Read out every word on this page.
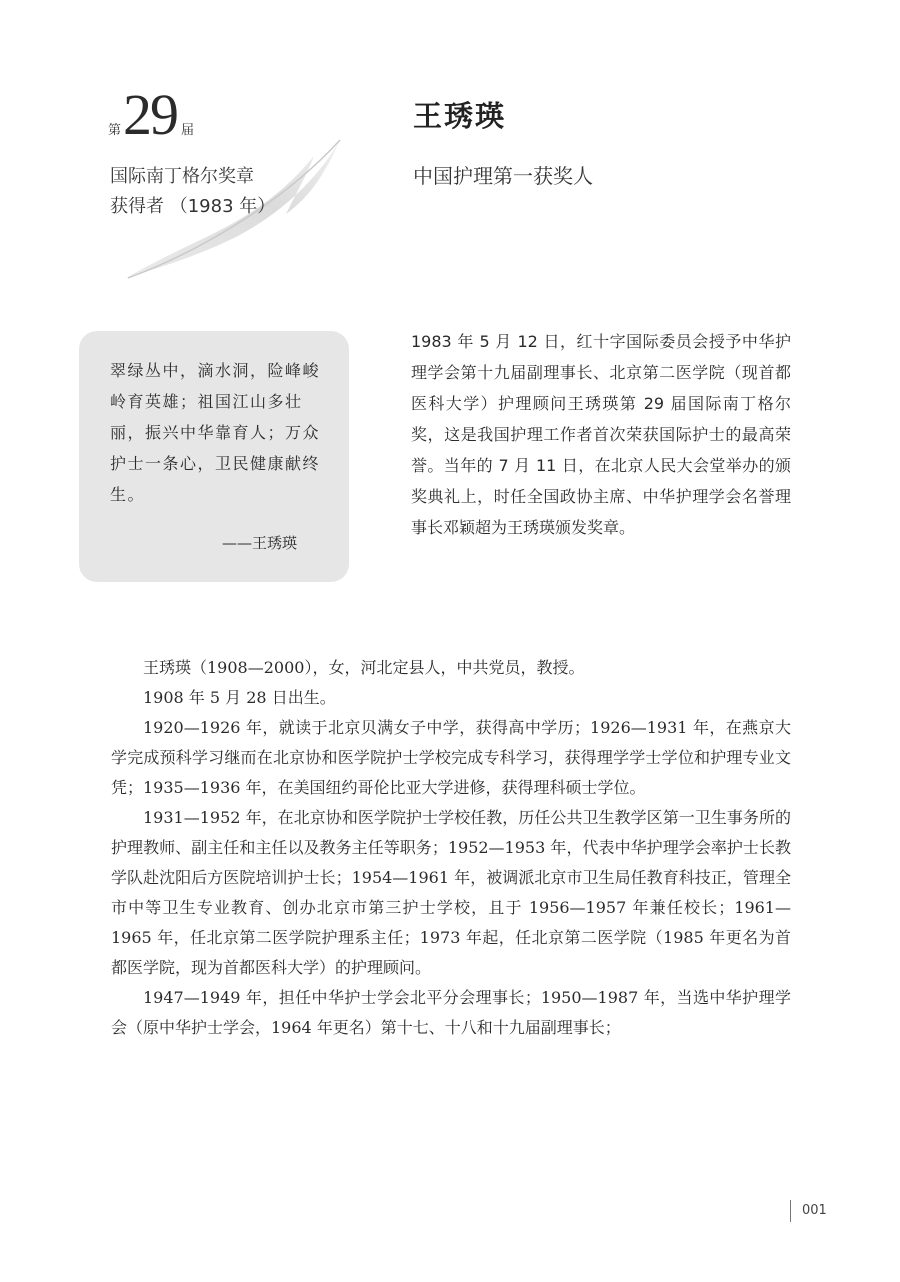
第 29 届
国际南丁格尔奖章
获得者 （1983 年）
王琇瑛
中国护理第一获奖人
翠绿丛中，滴水洞，险峰峻岭育英雄；祖国江山多壮丽，振兴中华靠育人；万众护士一条心，卫民健康献终生。
——王琇瑛
1983 年 5 月 12 日，红十字国际委员会授予中华护理学会第十九届副理事长、北京第二医学院（现首都医科大学）护理顾问王琇瑛第 29 届国际南丁格尔奖，这是我国护理工作者首次荣获国际护士的最高荣誉。当年的 7 月 11 日，在北京人民大会堂举办的颁奖典礼上，时任全国政协主席、中华护理学会名誉理事长邓颖超为王琇瑛颁发奖章。

王琇瑛（1908—2000），女，河北定县人，中共党员，教授。

1908 年 5 月 28 日出生。

1920—1926 年，就读于北京贝满女子中学，获得高中学历；1926—1931 年，在燕京大学完成预科学习继而在北京协和医学院护士学校完成专科学习，获得理学学士学位和护理专业文凭；1935—1936 年，在美国纽约哥伦比亚大学进修，获得理科硕士学位。

1931—1952 年，在北京协和医学院护士学校任教，历任公共卫生教学区第一卫生事务所的护理教师、副主任和主任以及教务主任等职务；1952—1953 年，代表中华护理学会率护士长教学队赴沈阳后方医院培训护士长；1954—1961 年，被调派北京市卫生局任教育科技正，管理全市中等卫生专业教育、创办北京市第三护士学校，且于 1956—1957 年兼任校长；1961—1965 年，任北京第二医学院护理系主任；1973 年起，任北京第二医学院（1985 年更名为首都医学院，现为首都医科大学）的护理顾问。

1947—1949 年，担任中华护士学会北平分会理事长；1950—1987 年，当选中华护理学会（原中华护士学会，1964 年更名）第十七、十八和十九届副理事长；

001
